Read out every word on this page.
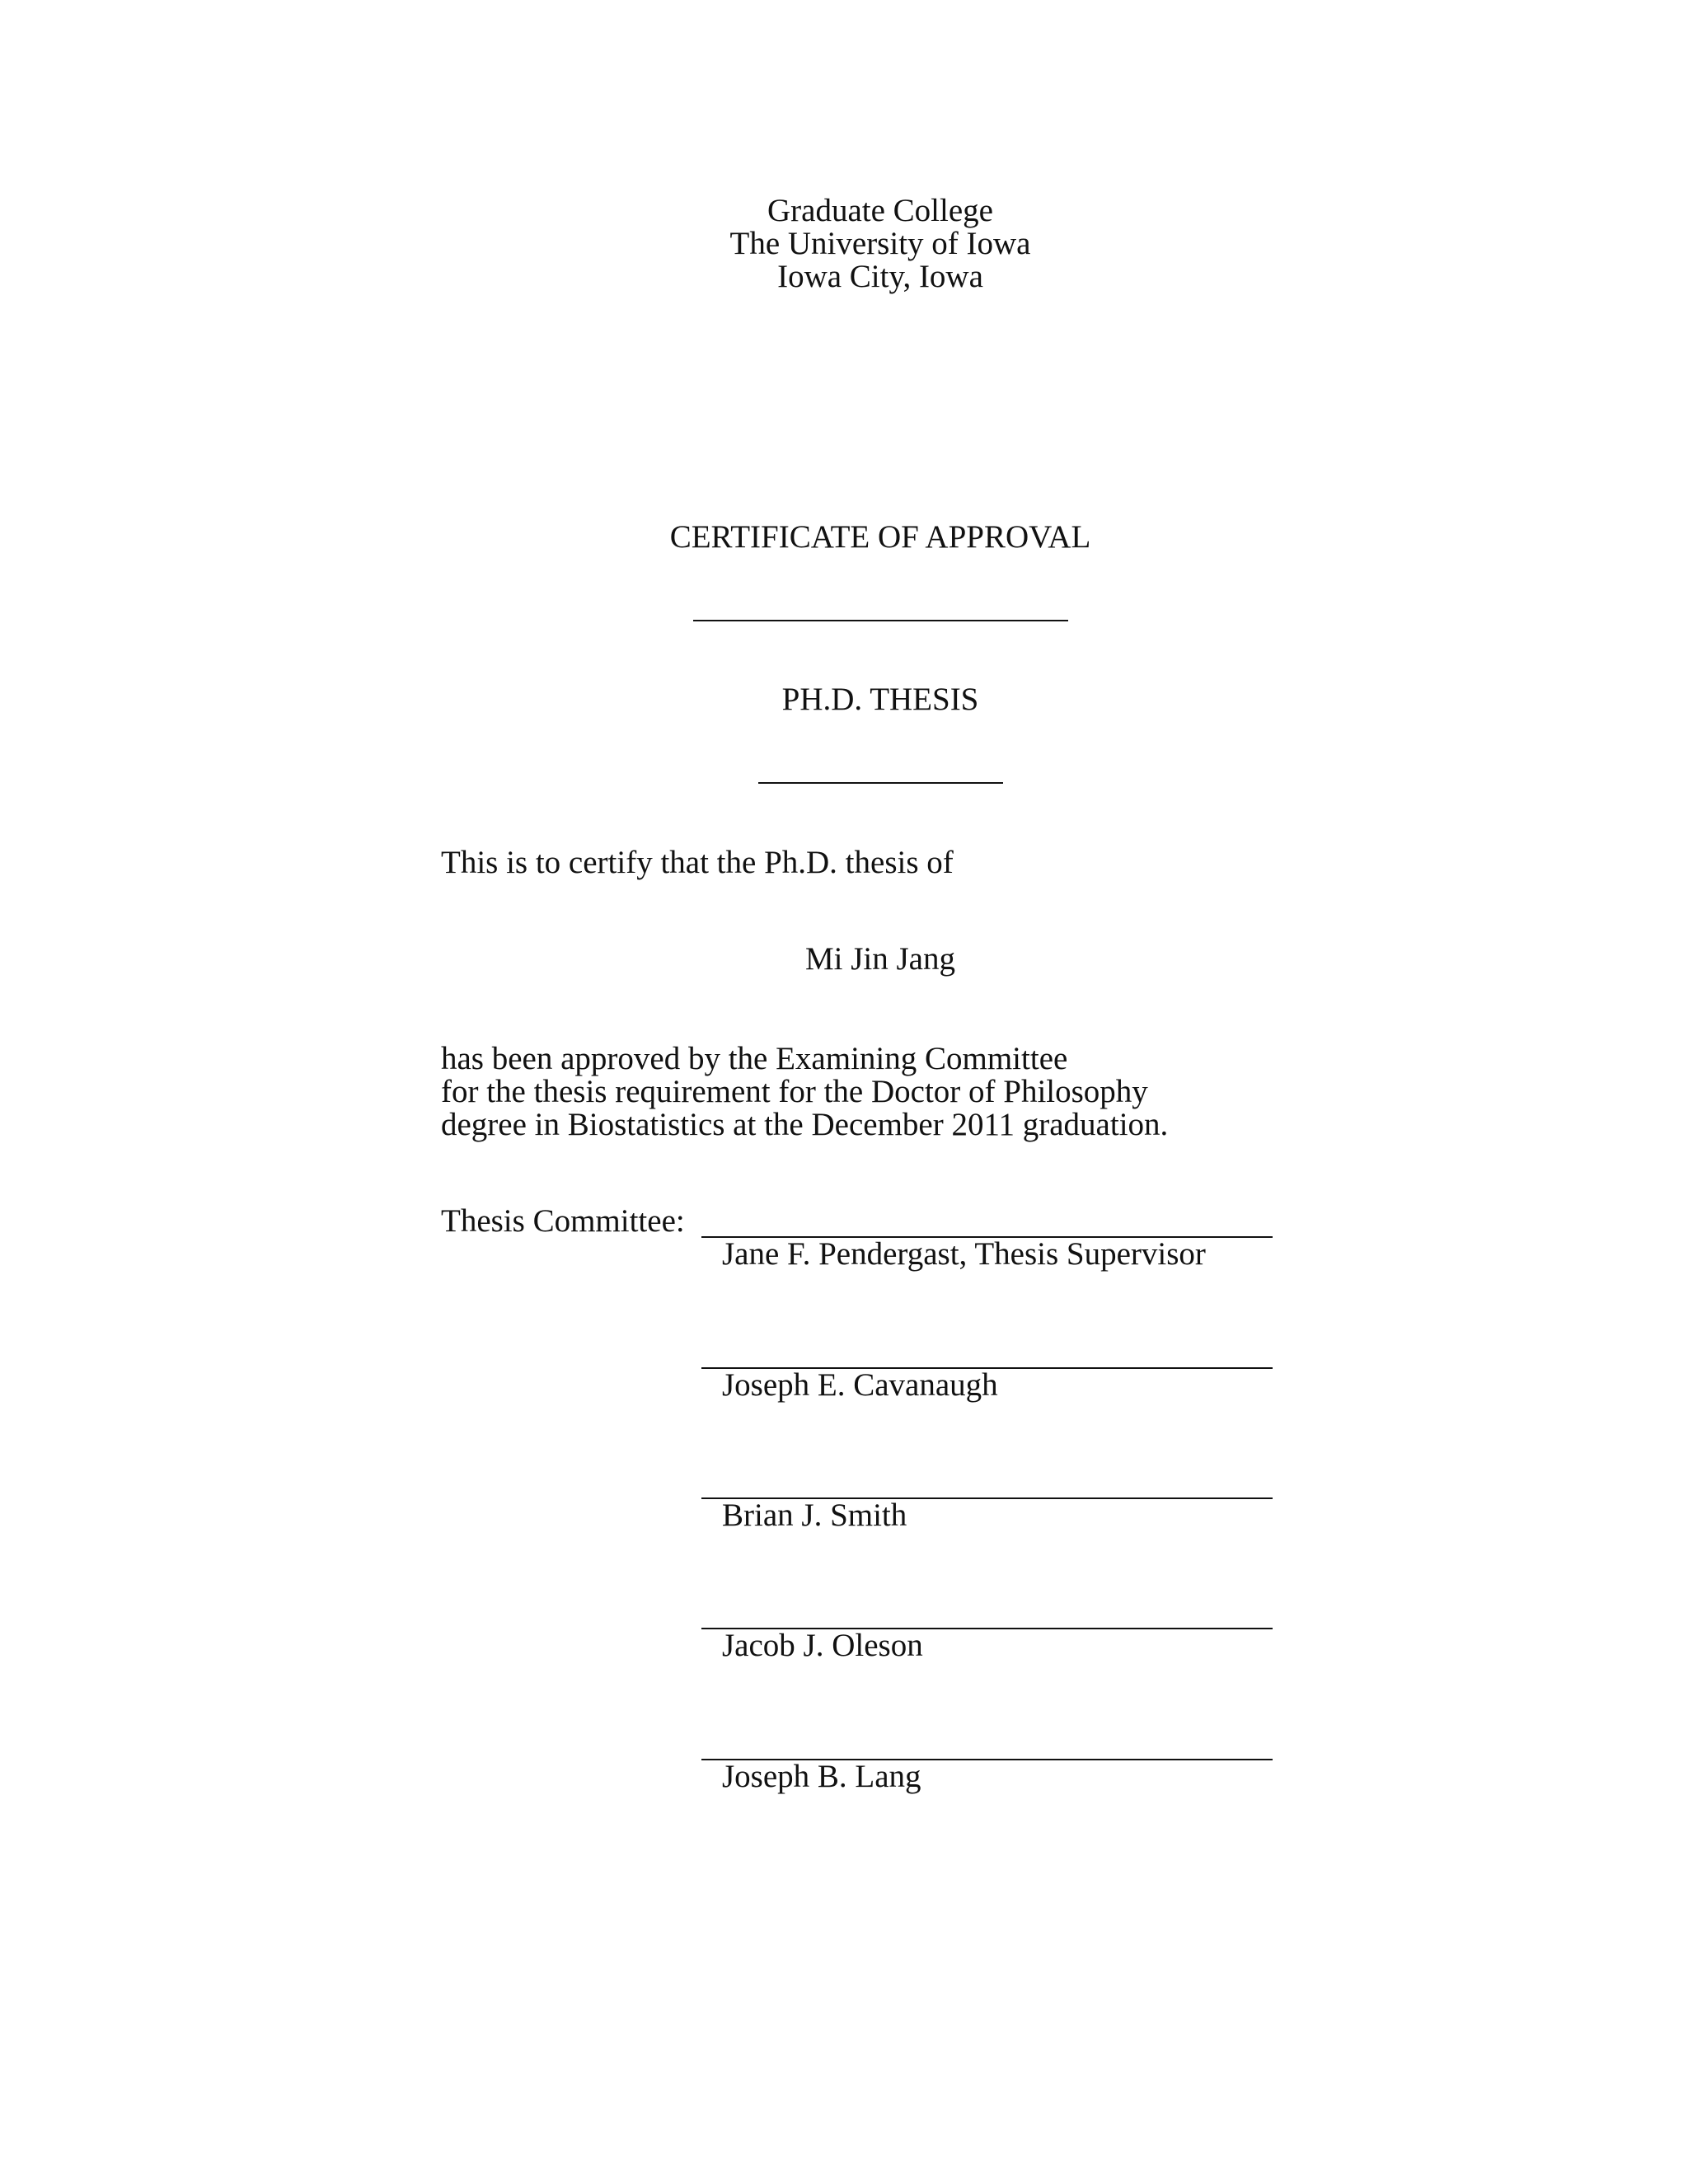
Graduate College
The University of Iowa
Iowa City, Iowa
CERTIFICATE OF APPROVAL
PH.D. THESIS
This is to certify that the Ph.D. thesis of
Mi Jin Jang
has been approved by the Examining Committee
for the thesis requirement for the Doctor of Philosophy
degree in Biostatistics at the December 2011 graduation.
Thesis Committee:
Jane F. Pendergast, Thesis Supervisor
Joseph E. Cavanaugh
Brian J. Smith
Jacob J. Oleson
Joseph B. Lang
